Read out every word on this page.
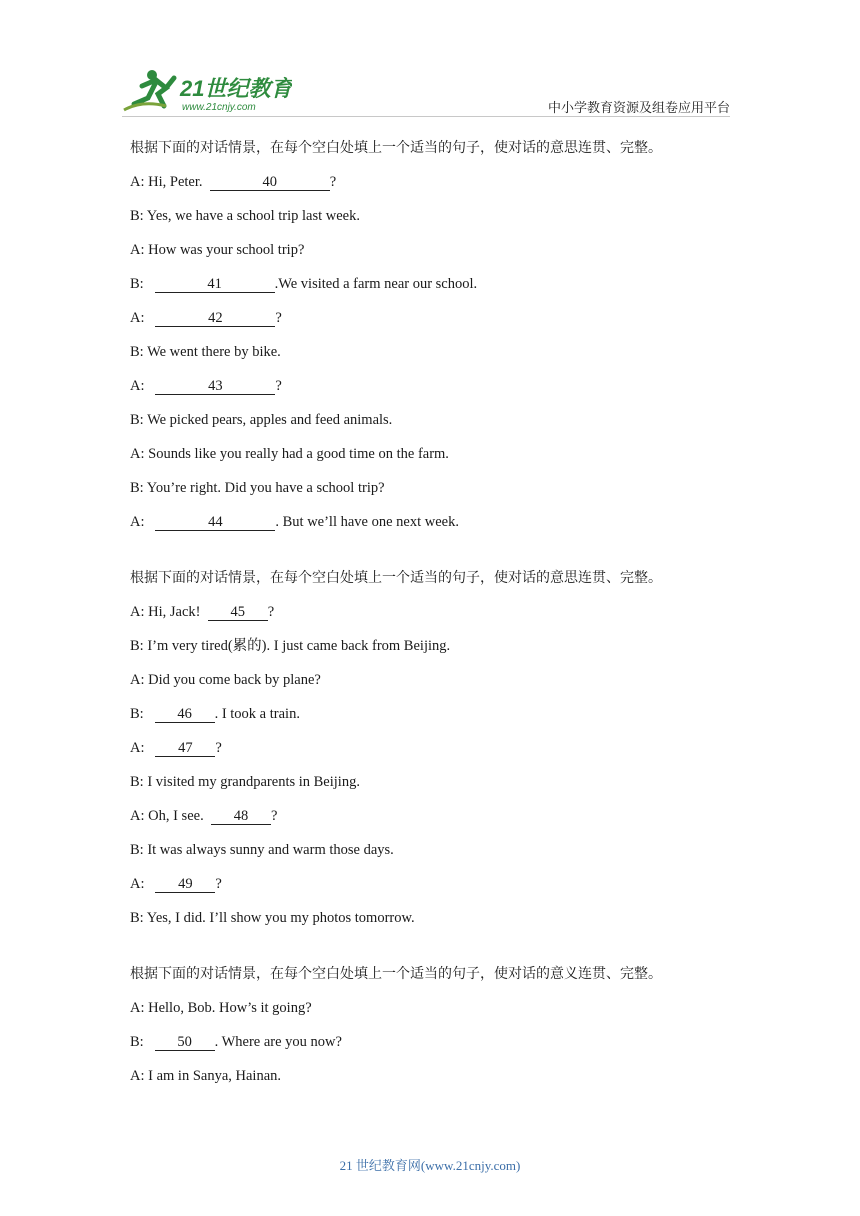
21世纪教育
www.21cnjy.com	中小学教育资源及组卷应用平台
根据下面的对话情景，在每个空白处填上一个适当的句子，使对话的意思连贯、完整。
A: Hi, Peter.	40	?
B: Yes, we have a school trip last week.
A: How was your school trip?
B:	41	.We visited a farm near our school.
A:	42	?
B: We went there by bike.
A:	43	?
B: We picked pears, apples and feed animals.
A: Sounds like you really had a good time on the farm.
B: You’re right. Did you have a school trip?
A:	44	. But we’ll have one next week.
根据下面的对话情景，在每个空白处填上一个适当的句子，使对话的意思连贯、完整。
A: Hi, Jack!  45 ?
B: I’m very tired(累的). I just came back from Beijing.
A: Did you come back by plane?
B: 46 . I took a train.
A: 47 ?
B: I visited my grandparents in Beijing.
A: Oh, I see.  48 ?
B: It was always sunny and warm those days.
A: 49 ?
B: Yes, I did. I’ll show you my photos tomorrow.
根据下面的对话情景，在每个空白处填上一个适当的句子，使对话的意义连贯、完整。
A: Hello, Bob. How’s it going?
B: 50 . Where are you now?
A: I am in Sanya, Hainan.
21 世纪教育网(www.21cnjy.com)
